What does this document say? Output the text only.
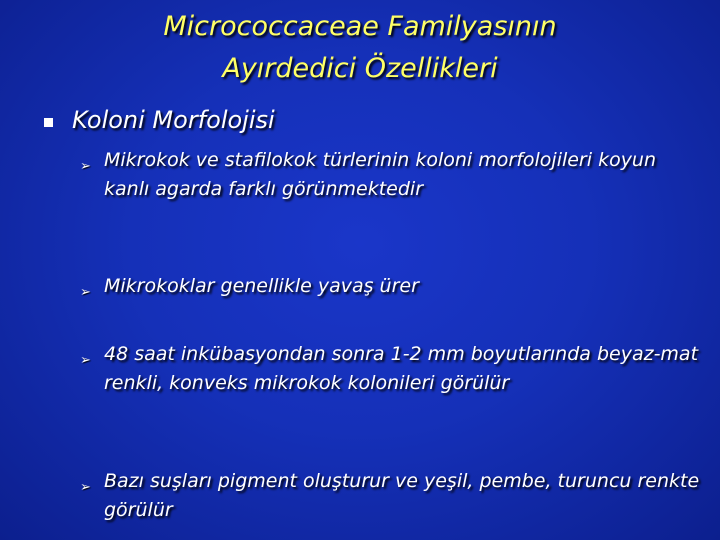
Micrococcaceae Familyasının
Ayırdedici Özellikleri
Koloni Morfolojisi
➢ Mikrokok ve stafilokok türlerinin koloni morfolojileri koyun kanlı agarda farklı görünmektedir
➢ Mikrokoklar genellikle yavaş ürer
➢ 48 saat inkübasyondan sonra 1-2 mm boyutlarında beyaz-mat renkli, konveks mikrokok kolonileri görülür
➢ Bazı suşları pigment oluşturur ve yeşil, pembe, turuncu renkte görülür
